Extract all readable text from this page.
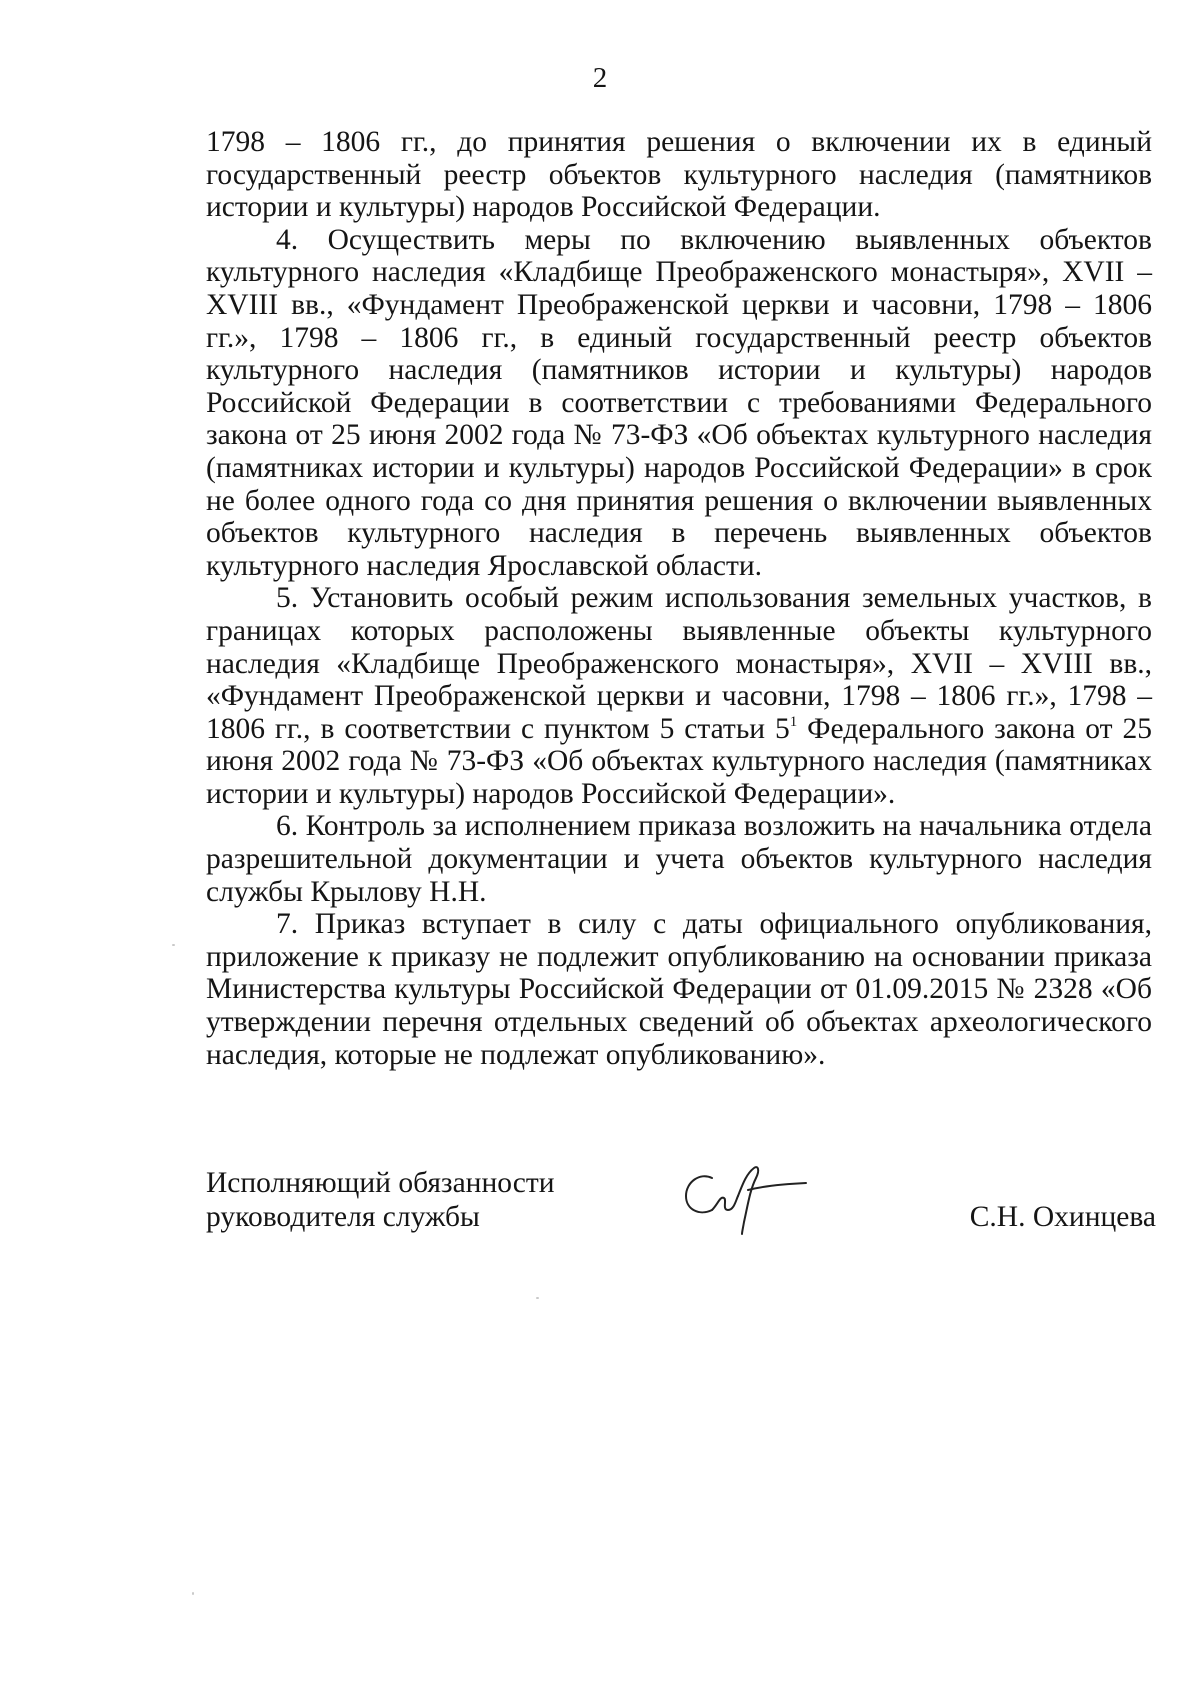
2

1798 – 1806 гг., до принятия решения о включении их в единый государственный реестр объектов культурного наследия (памятников истории и культуры) народов Российской Федерации.

4. Осуществить меры по включению выявленных объектов культурного наследия «Кладбище Преображенского монастыря», XVII – XVIII вв., «Фундамент Преображенской церкви и часовни, 1798 – 1806 гг.», 1798 – 1806 гг., в единый государственный реестр объектов культурного наследия (памятников истории и культуры) народов Российской Федерации в соответствии с требованиями Федерального закона от 25 июня 2002 года № 73-ФЗ «Об объектах культурного наследия (памятниках истории и культуры) народов Российской Федерации» в срок не более одного года со дня принятия решения о включении выявленных объектов культурного наследия в перечень выявленных объектов культурного наследия Ярославской области.

5. Установить особый режим использования земельных участков, в границах которых расположены выявленные объекты культурного наследия «Кладбище Преображенского монастыря», XVII – XVIII вв., «Фундамент Преображенской церкви и часовни, 1798 – 1806 гг.», 1798 – 1806 гг., в соответствии с пунктом 5 статьи $5^1$ Федерального закона от 25 июня 2002 года № 73-ФЗ «Об объектах культурного наследия (памятниках истории и культуры) народов Российской Федерации».

6. Контроль за исполнением приказа возложить на начальника отдела разрешительной документации и учета объектов культурного наследия службы Крылову Н.Н.

7. Приказ вступает в силу с даты официального опубликования, приложение к приказу не подлежит опубликованию на основании приказа Министерства культуры Российской Федерации от 01.09.2015 № 2328 «Об утверждении перечня отдельных сведений об объектах археологического наследия, которые не подлежат опубликованию».

Исполняющий обязанности
руководителя службы	С.Н. Охинцева
